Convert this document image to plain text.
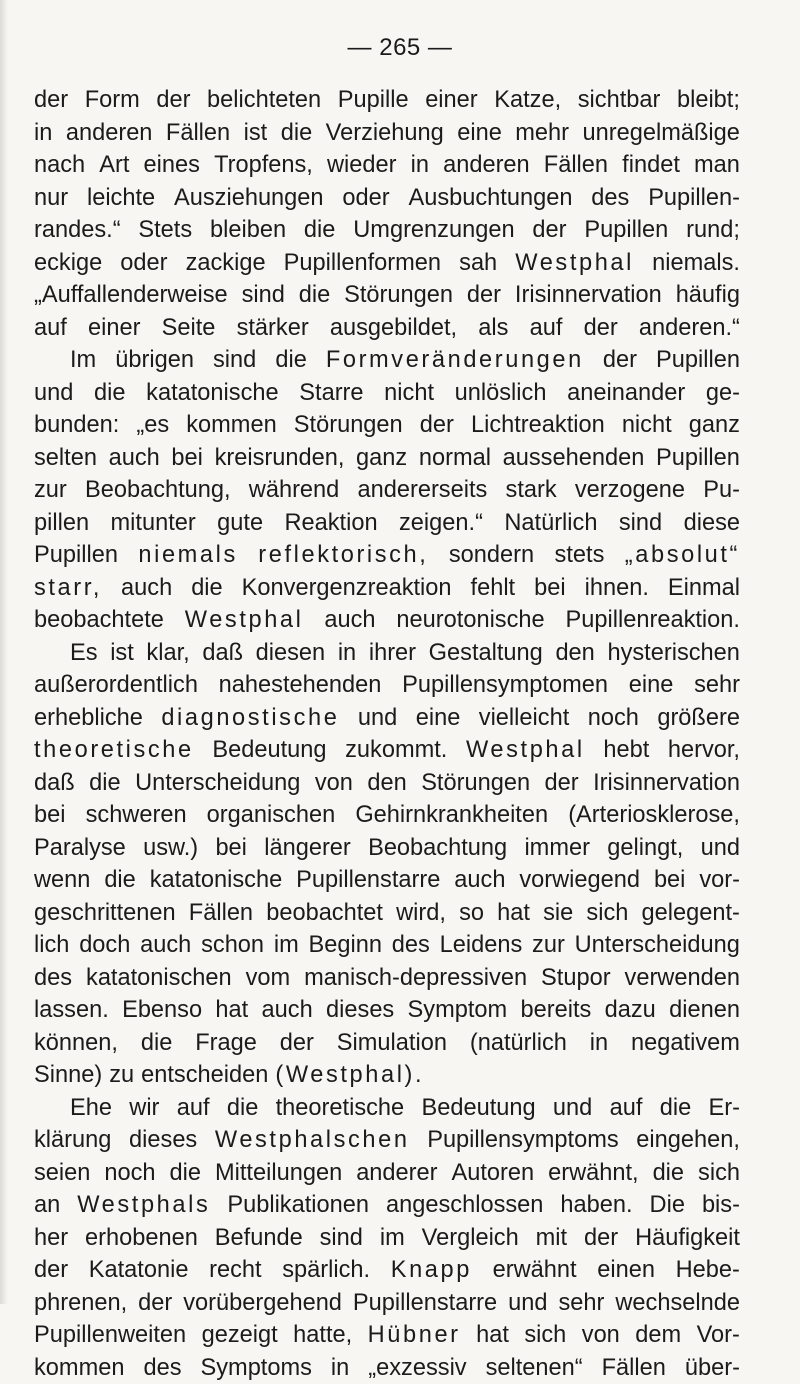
— 265 —
der Form der belichteten Pupille einer Katze, sichtbar bleibt;
in anderen Fällen ist die Verziehung eine mehr unregelmäßige
nach Art eines Tropfens, wieder in anderen Fällen findet man
nur leichte Ausziehungen oder Ausbuchtungen des Pupillen-
randes.“ Stets bleiben die Umgrenzungen der Pupillen rund;
eckige oder zackige Pupillenformen sah Westphal niemals.
„Auffallenderweise sind die Störungen der Irisinnervation häufig
auf einer Seite stärker ausgebildet, als auf der anderen.“
Im übrigen sind die Formveränderungen der Pupillen
und die katatonische Starre nicht unlöslich aneinander ge-
bunden: „es kommen Störungen der Lichtreaktion nicht ganz
selten auch bei kreisrunden, ganz normal aussehenden Pupillen
zur Beobachtung, während andererseits stark verzogene Pu-
pillen mitunter gute Reaktion zeigen.“ Natürlich sind diese
Pupillen niemals reflektorisch, sondern stets „absolut“
starr, auch die Konvergenzreaktion fehlt bei ihnen. Einmal
beobachtete Westphal auch neurotonische Pupillenreaktion.
Es ist klar, daß diesen in ihrer Gestaltung den hysterischen
außerordentlich nahestehenden Pupillensymptomen eine sehr
erhebliche diagnostische und eine vielleicht noch größere
theoretische Bedeutung zukommt. Westphal hebt hervor,
daß die Unterscheidung von den Störungen der Irisinnervation
bei schweren organischen Gehirnkrankheiten (Arteriosklerose,
Paralyse usw.) bei längerer Beobachtung immer gelingt, und
wenn die katatonische Pupillenstarre auch vorwiegend bei vor-
geschrittenen Fällen beobachtet wird, so hat sie sich gelegent-
lich doch auch schon im Beginn des Leidens zur Unterscheidung
des katatonischen vom manisch-depressiven Stupor verwenden
lassen. Ebenso hat auch dieses Symptom bereits dazu dienen
können, die Frage der Simulation (natürlich in negativem
Sinne) zu entscheiden (Westphal).
Ehe wir auf die theoretische Bedeutung und auf die Er-
klärung dieses Westphalschen Pupillensymptoms eingehen,
seien noch die Mitteilungen anderer Autoren erwähnt, die sich
an Westphals Publikationen angeschlossen haben. Die bis-
her erhobenen Befunde sind im Vergleich mit der Häufigkeit
der Katatonie recht spärlich. Knapp erwähnt einen Hebe-
phrenen, der vorübergehend Pupillenstarre und sehr wechselnde
Pupillenweiten gezeigt hatte, Hübner hat sich von dem Vor-
kommen des Symptoms in „exzessiv seltenen“ Fällen über-
